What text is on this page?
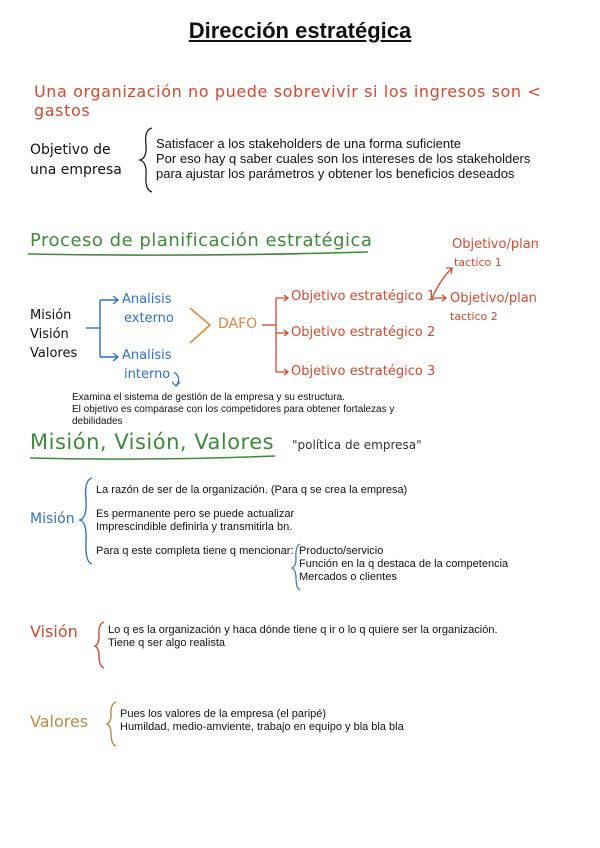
Dirección estratégica
Una organización no puede sobrevivir si los ingresos son < gastos
Objetivo de
una empresa
Satisfacer a los stakeholders de una forma suficiente
Por eso hay q saber cuales son los intereses de los stakeholders
para ajustar los parámetros y obtener los beneficios deseados
Proceso de planificación estratégica	Objetivo/plan
tactico 1
Objetivo/plan
tactico 2
Misión
Visión
Valores
Analisis
externo
Analisis
interno
DAFO
Objetivo estratégico 1
Objetivo estratégico 2
Objetivo estratégico 3
Examina el sistema de gestión de la empresa y su estructura.
El objetivo es comparase con los competidores para obtener fortalezas y
debilidades
Misión, Visión, Valores "política de empresa"
Misión
La razón de ser de la organización. (Para q se crea la empresa)
Es permanente pero se puede actualizar
Imprescindible definirla y transmitirla bn.
Para q este completa tiene q mencionar: Producto/servicio
Función en la q destaca de la competencia
Mercados o clientes
Visión	Lo q es la organización y haca dónde tiene q ir o lo q quiere ser la organización.
Tiene q ser algo realista
Valores	Pues los valores de la empresa (el paripé)
Humildad, medio-amviente, trabajo en equipo y bla bla bla
